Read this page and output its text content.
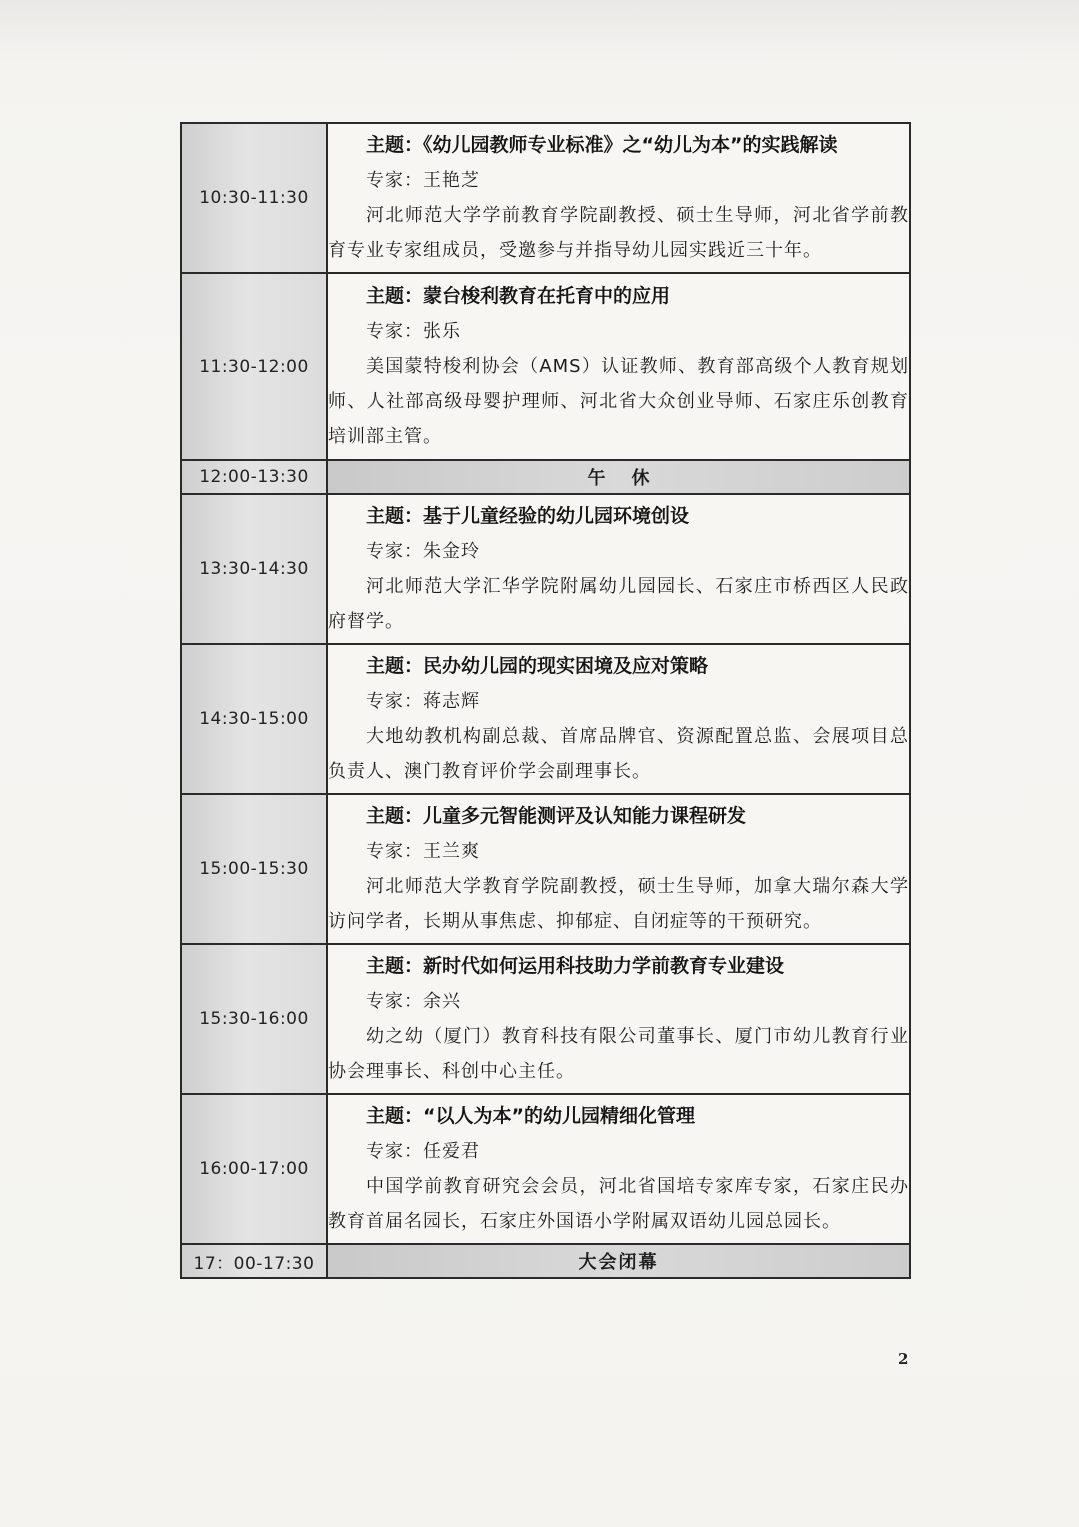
10:30-11:30	主题：《幼儿园教师专业标准》之“幼儿为本”的实践解读
专家：王艳芝
河北师范大学学前教育学院副教授、硕士生导师，河北省学前教育专业专家组成员，受邀参与并指导幼儿园实践近三十年。

11:30-12:00	主题：蒙台梭利教育在托育中的应用
专家：张乐
美国蒙特梭利协会（AMS）认证教师、教育部高级个人教育规划师、人社部高级母婴护理师、河北省大众创业导师、石家庄乐创教育培训部主管。

12:00-13:30	午休
13:30-14:30	主题：基于儿童经验的幼儿园环境创设
专家：朱金玲
河北师范大学汇华学院附属幼儿园园长、石家庄市桥西区人民政府督学。

14:30-15:00	主题：民办幼儿园的现实困境及应对策略
专家：蒋志辉
大地幼教机构副总裁、首席品牌官、资源配置总监、会展项目总负责人、澳门教育评价学会副理事长。

15:00-15:30	主题：儿童多元智能测评及认知能力课程研发
专家：王兰爽
河北师范大学教育学院副教授，硕士生导师，加拿大瑞尔森大学访问学者，长期从事焦虑、抑郁症、自闭症等的干预研究。

15:30-16:00	主题：新时代如何运用科技助力学前教育专业建设
专家：余兴
幼之幼（厦门）教育科技有限公司董事长、厦门市幼儿教育行业协会理事长、科创中心主任。

16:00-17:00	主题：“以人为本”的幼儿园精细化管理
专家：任爱君
中国学前教育研究会会员，河北省国培专家库专家，石家庄民办教育首届名园长，石家庄外国语小学附属双语幼儿园总园长。

17：00-17:30	大会闭幕
2
